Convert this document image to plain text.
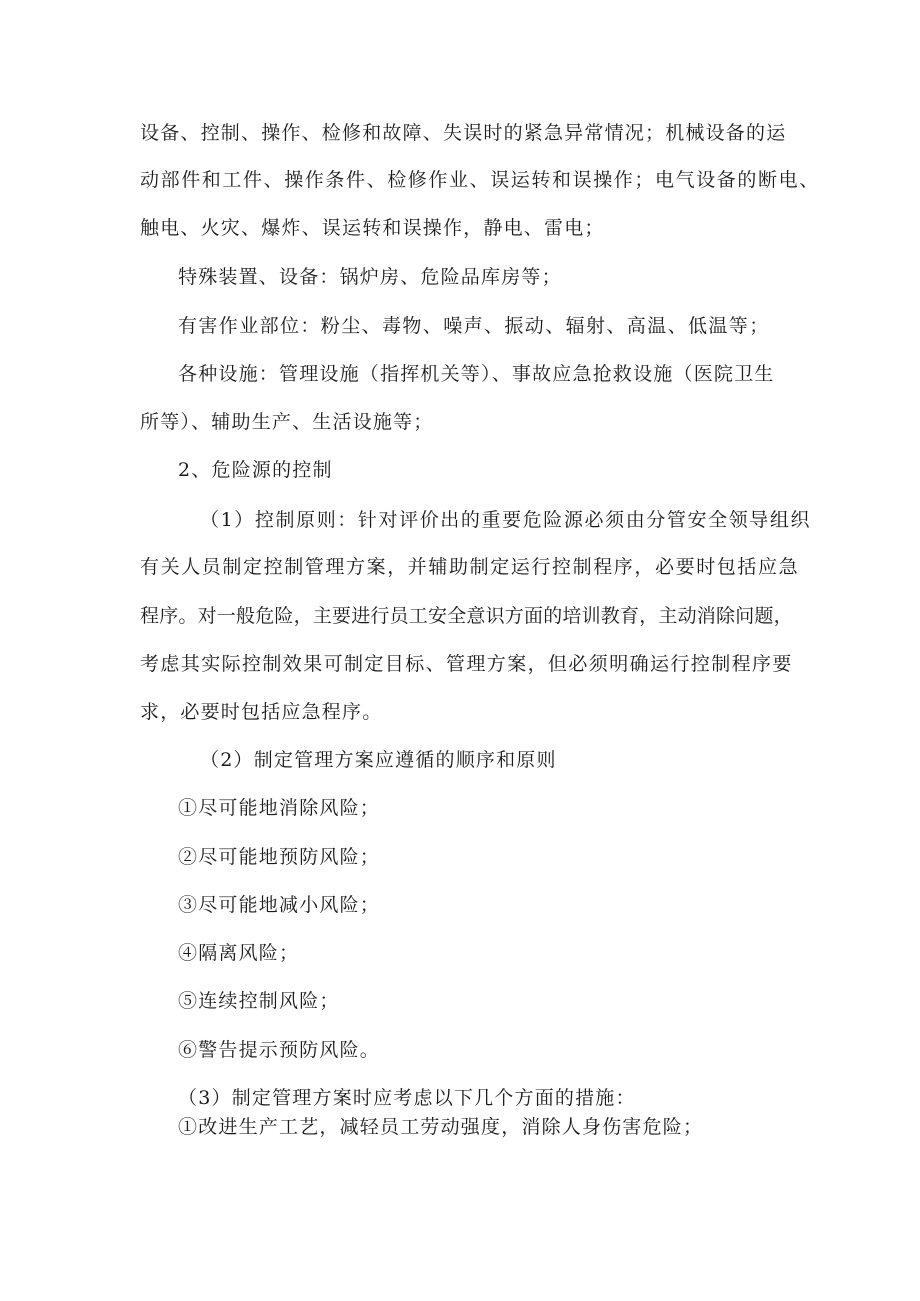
设备、控制、操作、检修和故障、失误时的紧急异常情况；机械设备的运
动部件和工件、操作条件、检修作业、误运转和误操作；电气设备的断电、
触电、火灾、爆炸、误运转和误操作，静电、雷电；
特殊装置、设备：锅炉房、危险品库房等；
有害作业部位：粉尘、毒物、噪声、振动、辐射、高温、低温等；
各种设施：管理设施（指挥机关等）、事故应急抢救设施（医院卫生
所等）、辅助生产、生活设施等；
2、危险源的控制
（1）控制原则：针对评价出的重要危险源必须由分管安全领导组织
有关人员制定控制管理方案，并辅助制定运行控制程序，必要时包括应急
程序。对一般危险，主要进行员工安全意识方面的培训教育，主动消除问题，
考虑其实际控制效果可制定目标、管理方案，但必须明确运行控制程序要
求，必要时包括应急程序。
（2）制定管理方案应遵循的顺序和原则
①尽可能地消除风险；
②尽可能地预防风险；
③尽可能地减小风险；
④隔离风险；
⑤连续控制风险；
⑥警告提示预防风险。
（3）制定管理方案时应考虑以下几个方面的措施：
①改进生产工艺，减轻员工劳动强度，消除人身伤害危险；
